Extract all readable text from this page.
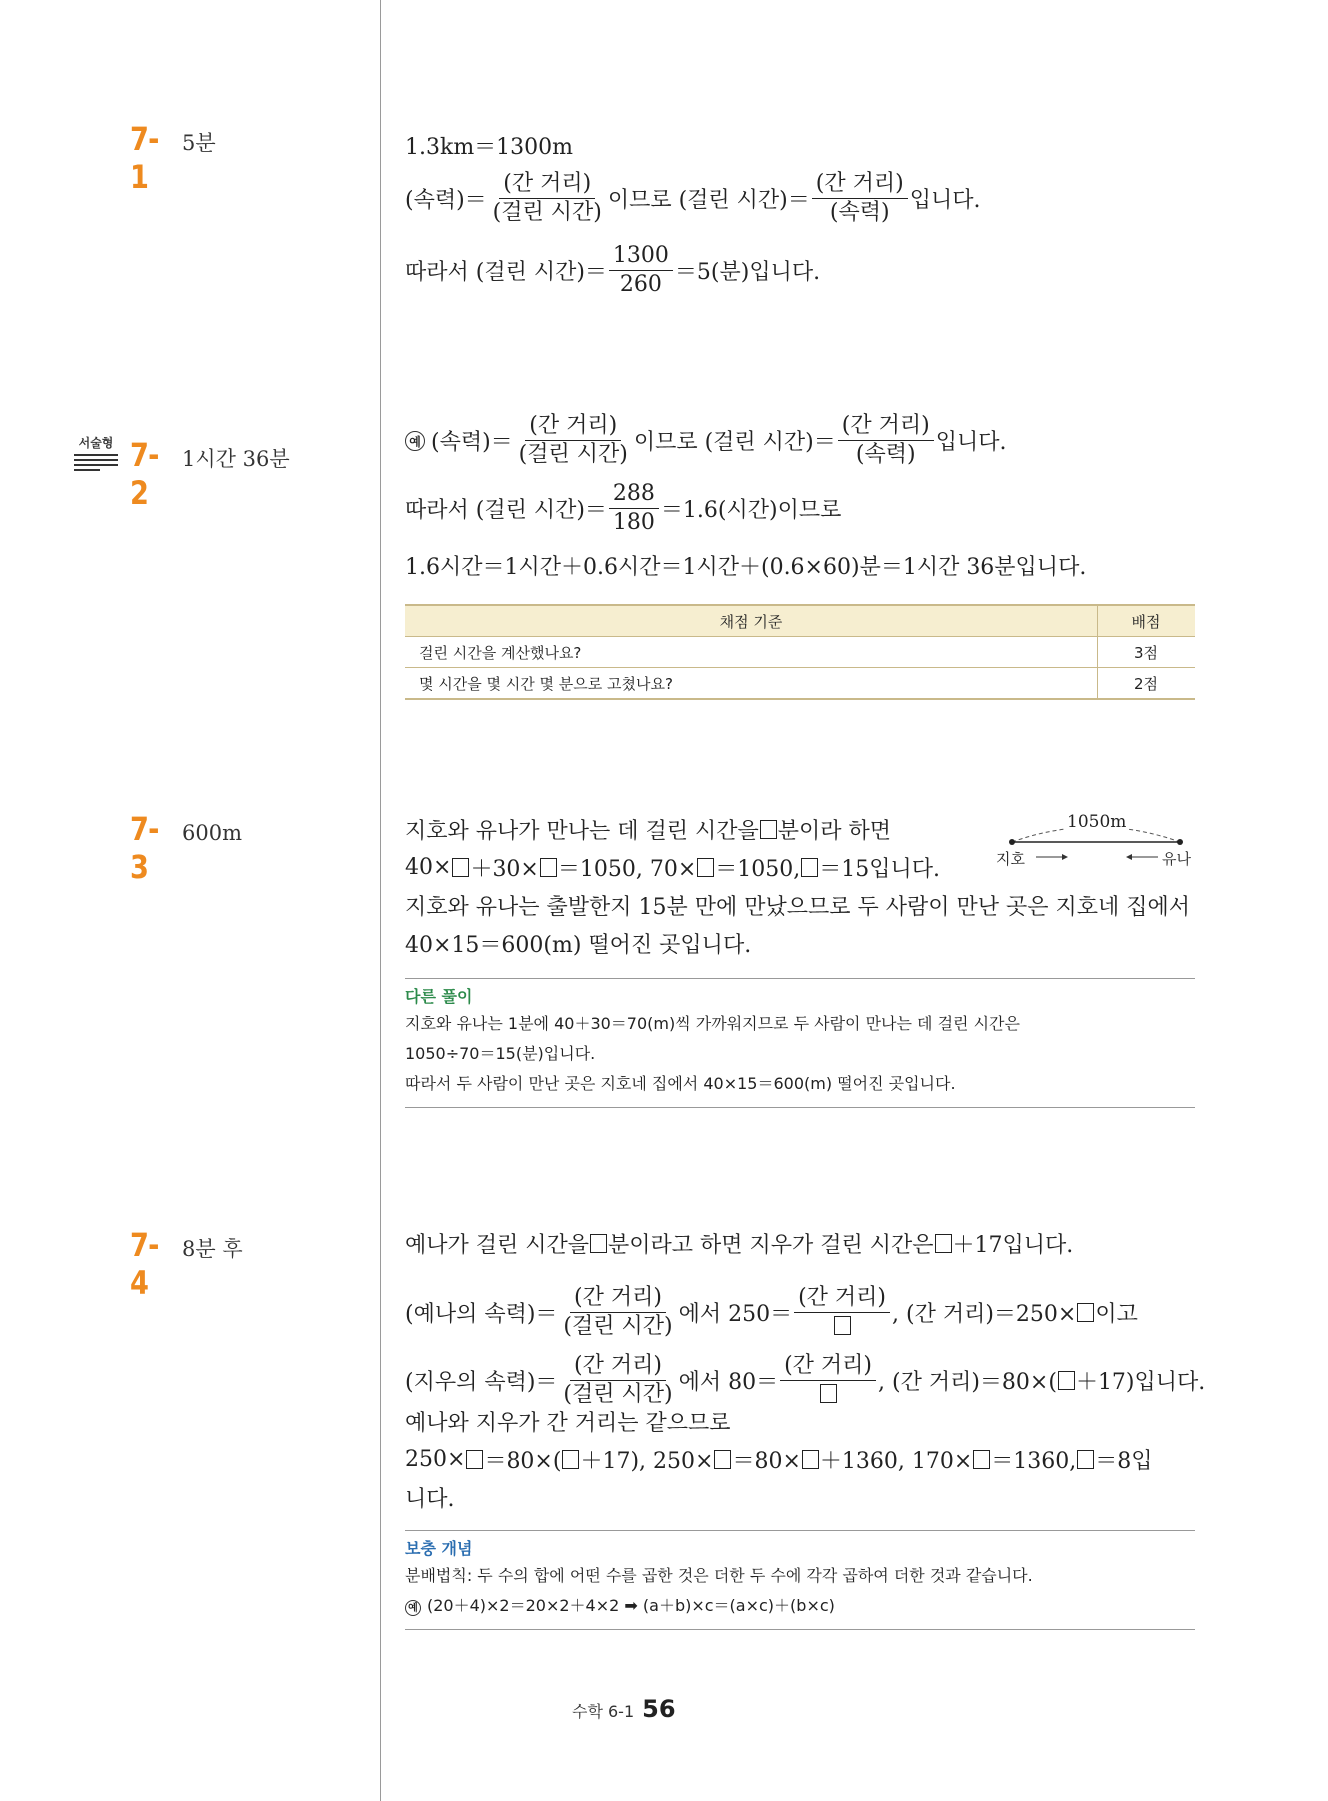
7-1
5분
서술형 7-2
1시간 36분
7-3
600m
7-4
8분 후
1.3km＝1300m
(속력)＝ $\frac{\text{(간 거리)}}{\text{(걸린 시간)}}$ 이므로 (걸린 시간)＝ $\frac{\text{(간 거리)}}{\text{(속력)}}$ 입니다.
따라서 (걸린 시간)＝ $\frac{1300}{260} =5$(분)입니다.
예 (속력)＝ $\frac{\text{(간 거리)}}{\text{(걸린 시간)}}$ 이므로 (걸린 시간)＝ $\frac{\text{(간 거리)}}{\text{(속력)}}$ 입니다.
따라서 (걸린 시간)＝ $\frac{288}{180} =1.6$(시간)이므로
1.6시간＝1시간＋0.6시간＝1시간＋(0.6×60)분＝1시간 36분입니다.
채점 기준	배점
걸린 시간을 계산했나요?	3점
몇 시간을 몇 시간 몇 분으로 고쳤나요?	2점
지호와 유나가 만나는 데 걸린 시간을 분이라 하면
40× ＋30× ＝1050, 70× ＝1050, ＝15입니다.
지호와 유나는 출발한지 15분 만에 만났으므로 두 사람이 만난 곳은 지호네 집에서
40×15＝600(m) 떨어진 곳입니다.
1050m
지호	유나
다른 풀이
지호와 유나는 1분에 40＋30＝70(m)씩 가까워지므로 두 사람이 만나는 데 걸린 시간은
1050÷70＝15(분)입니다.
따라서 두 사람이 만난 곳은 지호네 집에서 40×15＝600(m) 떨어진 곳입니다.
예나가 걸린 시간을 분이라고 하면 지우가 걸린 시간은 ＋17입니다.
(예나의 속력)＝ $\frac{\text{(간 거리)}}{\text{(걸린 시간)}}$ 에서 250＝
(간 거리)
, (간 거리)＝250× 이고
(지우의 속력)＝ $\frac{\text{(간 거리)}}{\text{(걸린 시간)}}$ 에서 80＝
(간 거리)
, (간 거리)＝80×( ＋17)입니다.
예나와 지우가 간 거리는 같으므로
250× ＝80×( ＋17), 250× ＝80× ＋1360, 170× ＝1360, ＝8입
니다.
보충 개념
분배법칙: 두 수의 합에 어떤 수를 곱한 것은 더한 두 수에 각각 곱하여 더한 것과 같습니다.
예 (20＋4)×2＝20×2＋4×2 ➡ (a＋b)×c＝(a×c)＋(b×c)
수학 6-1 56
